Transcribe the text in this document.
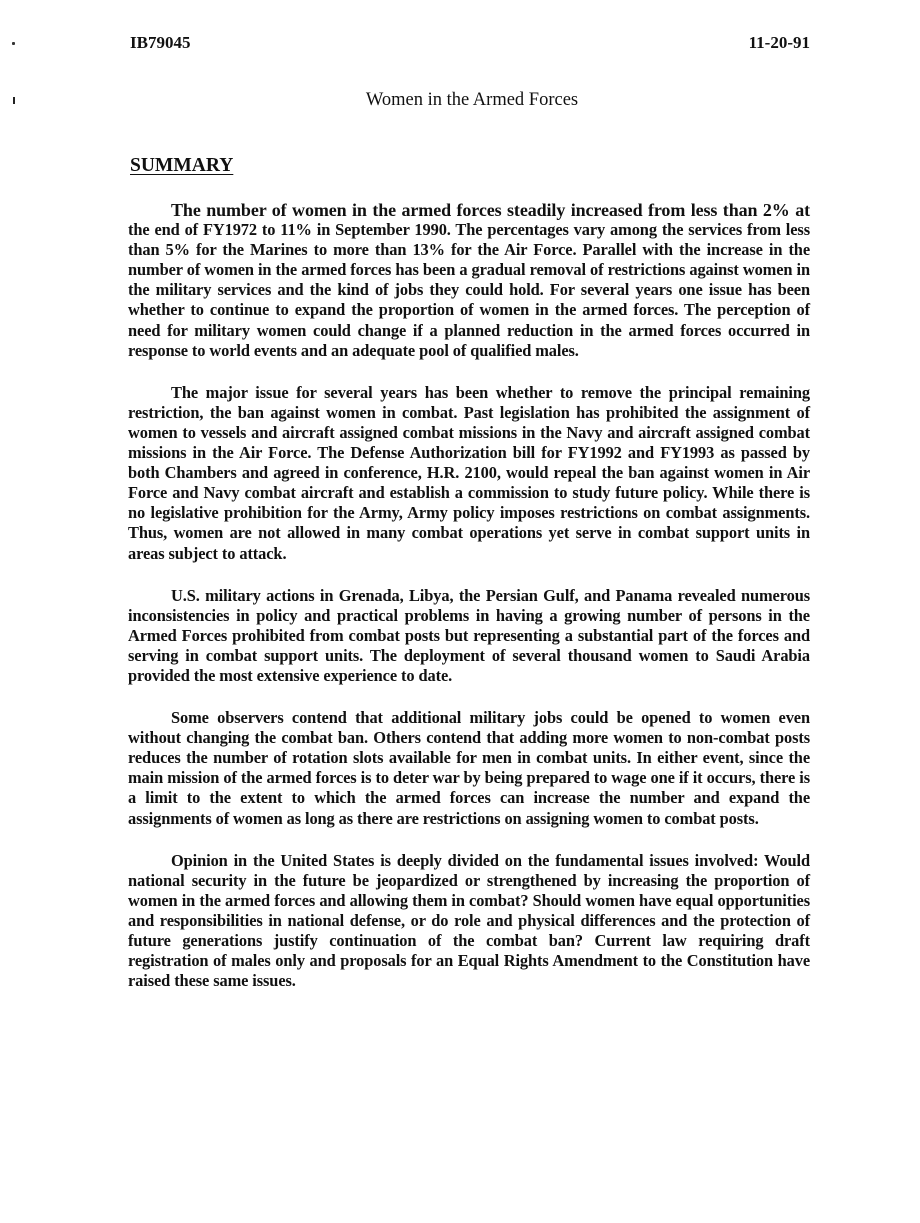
IB79045	11-20-91
Women in the Armed Forces
SUMMARY

The number of women in the armed forces steadily increased from less than 2% at the end of FY1972 to 11% in September 1990. The percentages vary among the services from less than 5% for the Marines to more than 13% for the Air Force. Parallel with the increase in the number of women in the armed forces has been a gradual removal of restrictions against women in the military services and the kind of jobs they could hold. For several years one issue has been whether to continue to expand the proportion of women in the armed forces. The perception of need for military women could change if a planned reduction in the armed forces occurred in response to world events and an adequate pool of qualified males.

The major issue for several years has been whether to remove the principal remaining restriction, the ban against women in combat. Past legislation has prohibited the assignment of women to vessels and aircraft assigned combat missions in the Navy and aircraft assigned combat missions in the Air Force. The Defense Authorization bill for FY1992 and FY1993 as passed by both Chambers and agreed in conference, H.R. 2100, would repeal the ban against women in Air Force and Navy combat aircraft and establish a commission to study future policy. While there is no legislative prohibition for the Army, Army policy imposes restrictions on combat assignments. Thus, women are not allowed in many combat operations yet serve in combat support units in areas subject to attack.

U.S. military actions in Grenada, Libya, the Persian Gulf, and Panama revealed numerous inconsistencies in policy and practical problems in having a growing number of persons in the Armed Forces prohibited from combat posts but representing a substantial part of the forces and serving in combat support units. The deployment of several thousand women to Saudi Arabia provided the most extensive experience to date.

Some observers contend that additional military jobs could be opened to women even without changing the combat ban. Others contend that adding more women to non-combat posts reduces the number of rotation slots available for men in combat units. In either event, since the main mission of the armed forces is to deter war by being prepared to wage one if it occurs, there is a limit to the extent to which the armed forces can increase the number and expand the assignments of women as long as there are restrictions on assigning women to combat posts.

Opinion in the United States is deeply divided on the fundamental issues involved: Would national security in the future be jeopardized or strengthened by increasing the proportion of women in the armed forces and allowing them in combat? Should women have equal opportunities and responsibilities in national defense, or do role and physical differences and the protection of future generations justify continuation of the combat ban? Current law requiring draft registration of males only and proposals for an Equal Rights Amendment to the Constitution have raised these same issues.
